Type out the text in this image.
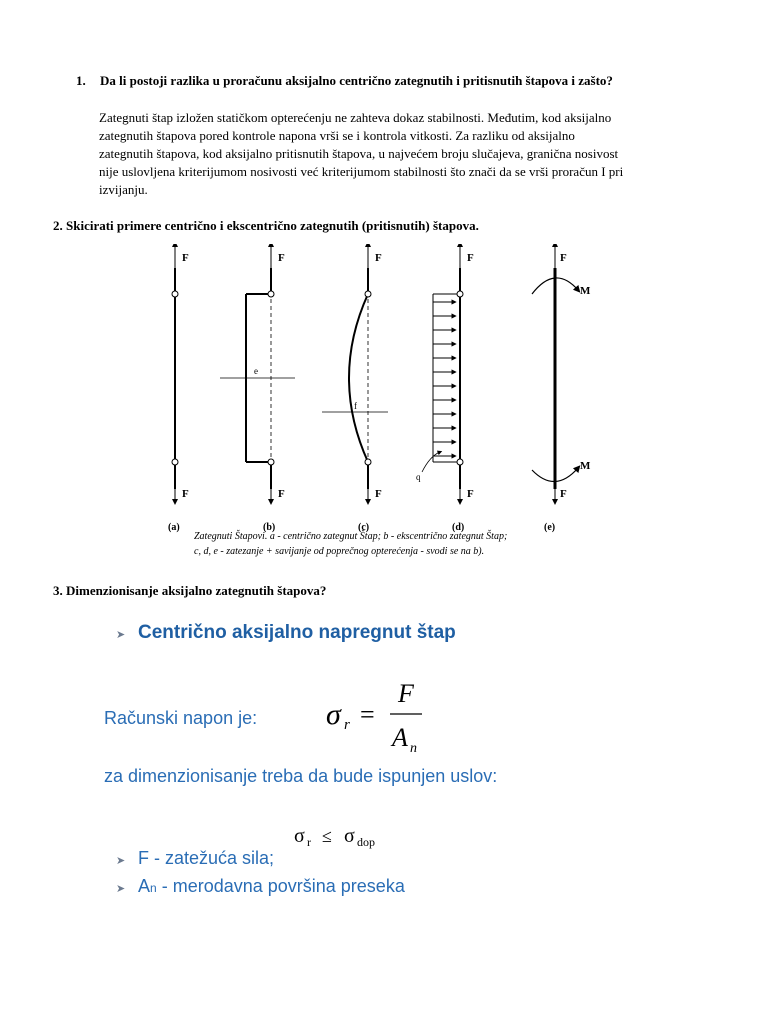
1. Da li postoji razlika u proračunu aksijalno centrično zategnutih i pritisnutih štapova i zašto?
Zategnuti štap izložen statičkom opterećenju ne zahteva dokaz stabilnosti. Međutim, kod aksijalno
zategnutih štapova pored kontrole napona vrši se i kontrola vitkosti. Za razliku od aksijalno
zategnutih štapova, kod aksijalno pritisnutih štapova, u najvećem broju slučajeva, granična nosivost
nije uslovljena kriterijumom nosivosti već kriterijumom stabilnosti što znači da se vrši proračun I pri
izvijanju.
2. Skicirati primere centrično i ekscentrično zategnutih (pritisnutih) štapova.
F
F
(a)
e
F
F
(b)
f
F
F
(c)
q
F
F
(d)
M
M
F
F
(e)
Zategnuti Štapovi. a - centrično zategnut Štap; b - ekscentrično zategnut Štap;
c, d, e - zatezanje + savijanje od poprečnog opterećenja - svodi se na b).
3. Dimenzionisanje aksijalno zategnutih štapova?
➤ Centrično aksijalno napregnut štap
Računski napon je: σ r =
F
A n
za dimenzionisanje treba da bude ispunjen uslov:
σ r ≤ σ dop
➤ F - zatežuća sila;
➤ A n - merodavna površina preseka
